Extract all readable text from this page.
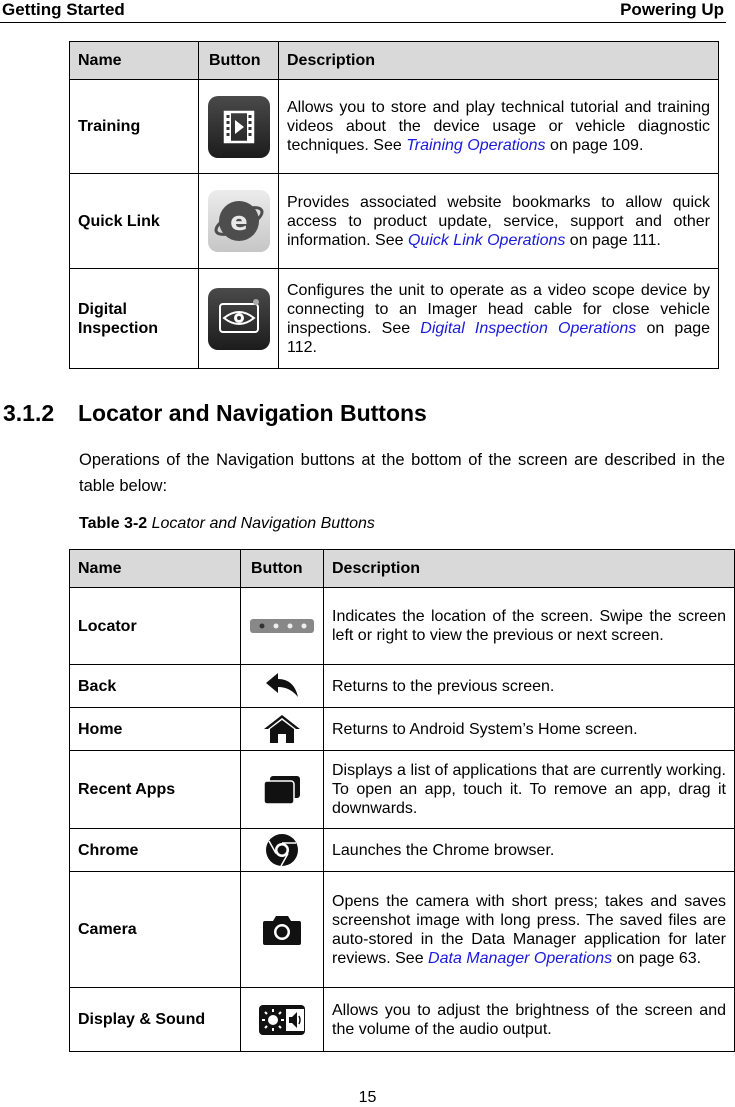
Getting Started	Powering Up
Name	Button	Description
Training		Allows you to store and play technical tutorial and training videos about the device usage or vehicle diagnostic techniques. See Training Operations on page 109.
Quick Link	e	Provides associated website bookmarks to allow quick access to product update, service, support and other information. See Quick Link Operations on page 111.
Digital Inspection		Configures the unit to operate as a video scope device by connecting to an Imager head cable for close vehicle inspections. See Digital Inspection Operations on page 112.
3.1.2 Locator and Navigation Buttons
Operations of the Navigation buttons at the bottom of the screen are described in the table below:
Table 3-2 Locator and Navigation Buttons
Name	Button	Description
Locator		Indicates the location of the screen. Swipe the screen left or right to view the previous or next screen.
Back		Returns to the previous screen.
Home		Returns to Android System’s Home screen.
Recent Apps		Displays a list of applications that are currently working. To open an app, touch it. To remove an app, drag it downwards.
Chrome		Launches the Chrome browser.
Camera		Opens the camera with short press; takes and saves screenshot image with long press. The saved files are auto-stored in the Data Manager application for later reviews. See Data Manager Operations on page 63.
Display & Sound		Allows you to adjust the brightness of the screen and the volume of the audio output.
15
